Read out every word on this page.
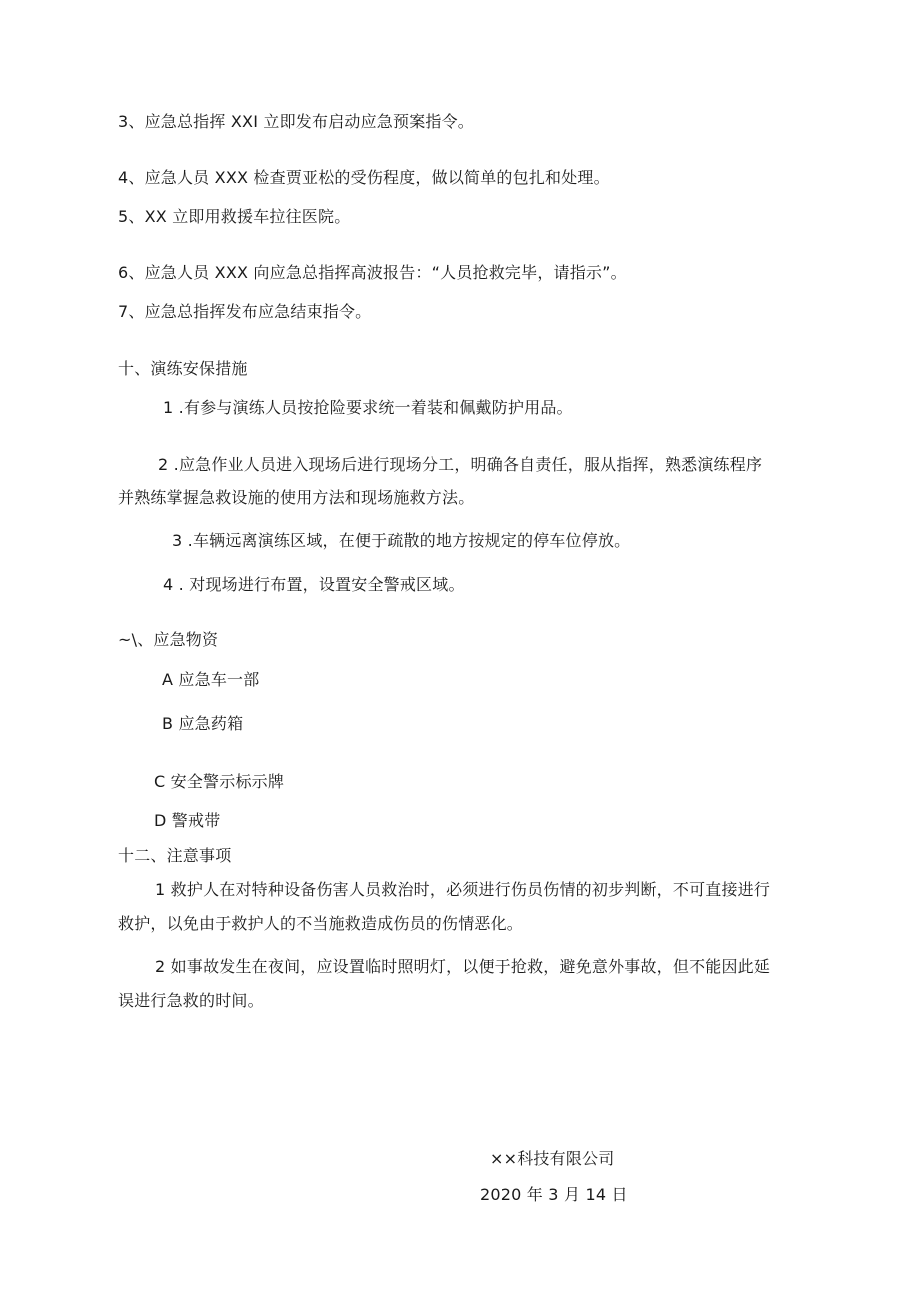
3、应急总指挥 XXI 立即发布启动应急预案指令。
4、应急人员 XXX 检查贾亚松的受伤程度，做以简单的包扎和处理。
5、XX 立即用救援车拉往医院。
6、应急人员 XXX 向应急总指挥高波报告：“人员抢救完毕，请指示”。
7、应急总指挥发布应急结束指令。
十、演练安保措施
1 .有参与演练人员按抢险要求统一着装和佩戴防护用品。
2 .应急作业人员进入现场后进行现场分工，明确各自责任，服从指挥，熟悉演练程序
并熟练掌握急救设施的使用方法和现场施救方法。
3 .车辆远离演练区域，在便于疏散的地方按规定的停车位停放。
4 . 对现场进行布置，设置安全警戒区域。
~\、应急物资
A 应急车一部
B 应急药箱
C 安全警示标示牌
D 警戒带
十二、注意事项
1 救护人在对特种设备伤害人员救治时，必须进行伤员伤情的初步判断，不可直接进行
救护，以免由于救护人的不当施救造成伤员的伤情恶化。
2 如事故发生在夜间，应设置临时照明灯，以便于抢救，避免意外事故，但不能因此延
误进行急救的时间。
××科技有限公司
2020 年 3 月 14 日
